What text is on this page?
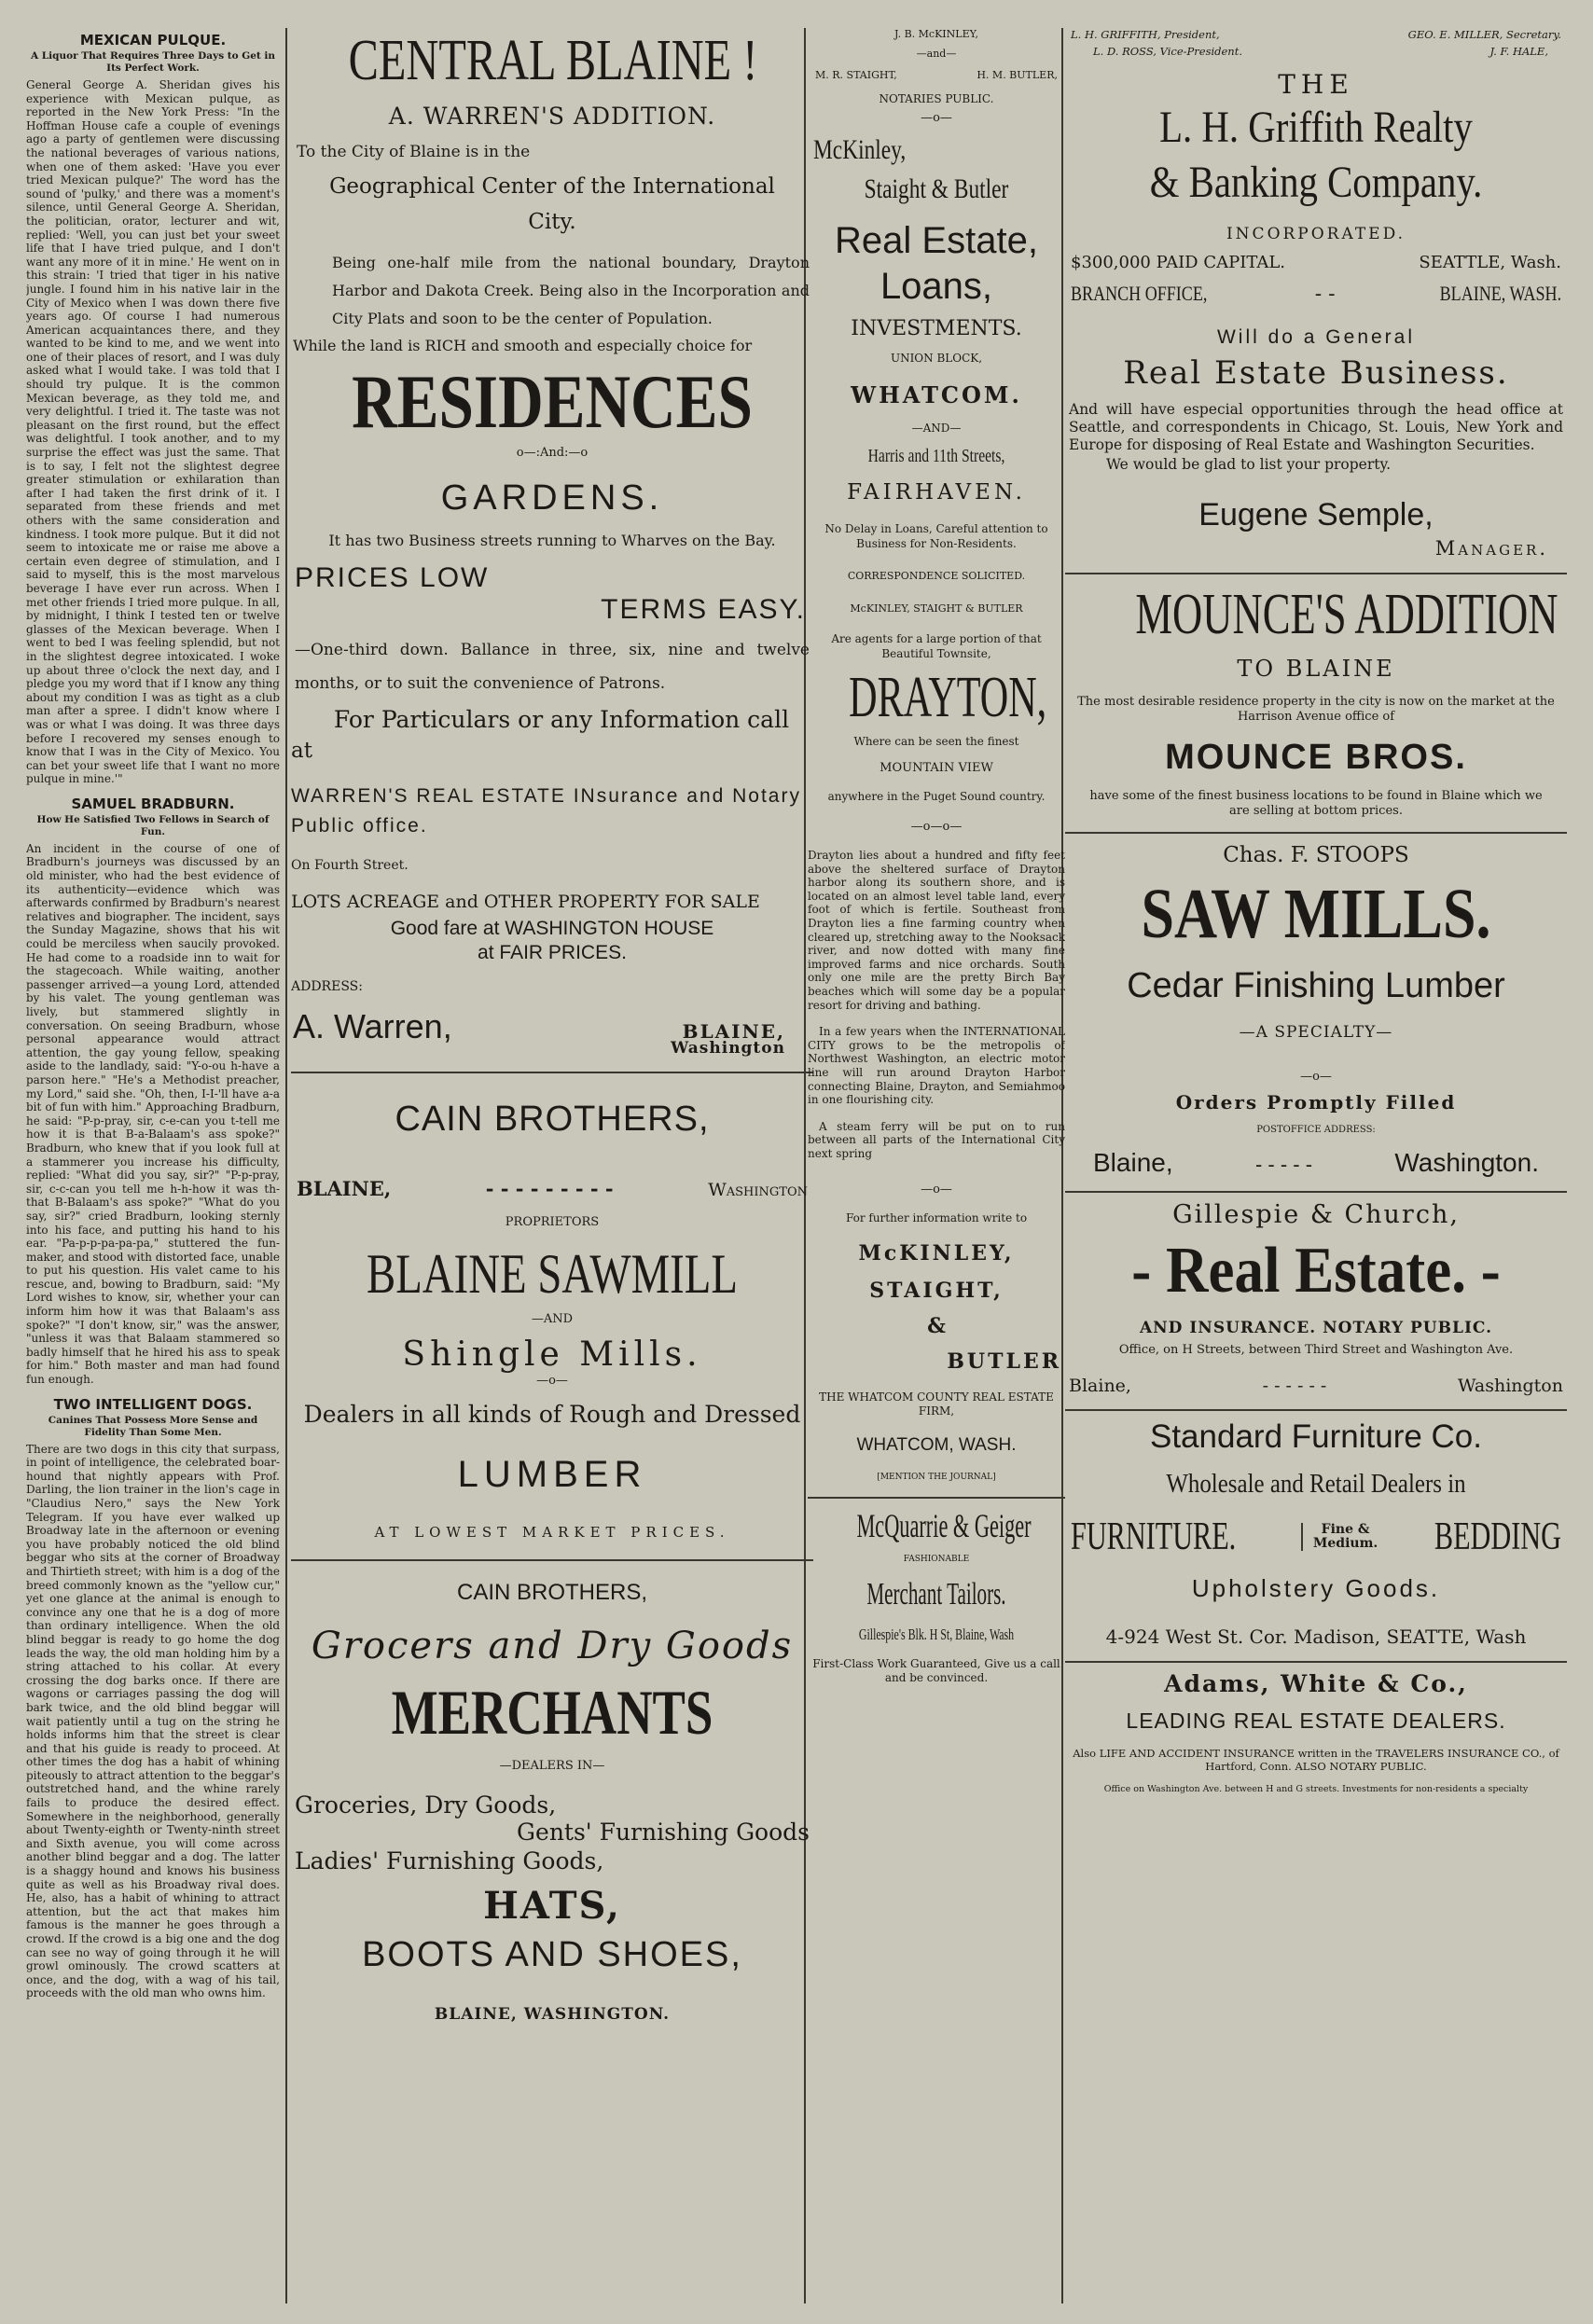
MEXICAN PULQUE.
A Liquor That Requires Three Days to Get in Its Perfect Work.

General George A. Sheridan gives his experience with Mexican pulque, as reported in the New York Press: "In the Hoffman House cafe a couple of evenings ago a party of gentlemen were discussing the national beverages of various nations, when one of them asked: 'Have you ever tried Mexican pulque?' The word has the sound of 'pulky,' and there was a moment's silence, until General George A. Sheridan, the politician, orator, lecturer and wit, replied: 'Well, you can just bet your sweet life that I have tried pulque, and I don't want any more of it in mine.' He went on in this strain: 'I tried that tiger in his native jungle. I found him in his native lair in the City of Mexico when I was down there five years ago. Of course I had numerous American acquaintances there, and they wanted to be kind to me, and we went into one of their places of resort, and I was duly asked what I would take. I was told that I should try pulque. It is the common Mexican beverage, as they told me, and very delightful. I tried it. The taste was not pleasant on the first round, but the effect was delightful. I took another, and to my surprise the effect was just the same. That is to say, I felt not the slightest degree greater stimulation or exhilaration than after I had taken the first drink of it. I separated from these friends and met others with the same consideration and kindness. I took more pulque. But it did not seem to intoxicate me or raise me above a certain even degree of stimulation, and I said to myself, this is the most marvelous beverage I have ever run across. When I met other friends I tried more pulque. In all, by midnight, I think I tested ten or twelve glasses of the Mexican beverage. When I went to bed I was feeling splendid, but not in the slightest degree intoxicated. I woke up about three o'clock the next day, and I pledge you my word that if I know any thing about my condition I was as tight as a club man after a spree. I didn't know where I was or what I was doing. It was three days before I recovered my senses enough to know that I was in the City of Mexico. You can bet your sweet life that I want no more pulque in mine.'"

SAMUEL BRADBURN.
How He Satisfied Two Fellows in Search of Fun.

An incident in the course of one of Bradburn's journeys was discussed by an old minister, who had the best evidence of its authenticity—evidence which was afterwards confirmed by Bradburn's nearest relatives and biographer. The incident, says the Sunday Magazine, shows that his wit could be merciless when saucily provoked. He had come to a roadside inn to wait for the stagecoach. While waiting, another passenger arrived—a young Lord, attended by his valet. The young gentleman was lively, but stammered slightly in conversation. On seeing Bradburn, whose personal appearance would attract attention, the gay young fellow, speaking aside to the landlady, said: "Y-o-ou h-have a parson here." "He's a Methodist preacher, my Lord," said she. "Oh, then, I-I-'ll have a-a bit of fun with him." Approaching Bradburn, he said: "P-p-pray, sir, c-e-can you t-tell me how it is that B-a-Balaam's ass spoke?" Bradburn, who knew that if you look full at a stammerer you increase his difficulty, replied: "What did you say, sir?" "P-p-pray, sir, c-c-can you tell me h-h-how it was th-that B-Balaam's ass spoke?" "What do you say, sir?" cried Bradburn, looking sternly into his face, and putting his hand to his ear. "Pa-p-p-pa-pa-pa," stuttered the fun-maker, and stood with distorted face, unable to put his question. His valet came to his rescue, and, bowing to Bradburn, said: "My Lord wishes to know, sir, whether your can inform him how it was that Balaam's ass spoke?" "I don't know, sir," was the answer, "unless it was that Balaam stammered so badly himself that he hired his ass to speak for him." Both master and man had found fun enough.

TWO INTELLIGENT DOGS.
Canines That Possess More Sense and Fidelity Than Some Men.

There are two dogs in this city that surpass, in point of intelligence, the celebrated boar-hound that nightly appears with Prof. Darling, the lion trainer in the lion's cage in "Claudius Nero," says the New York Telegram. If you have ever walked up Broadway late in the afternoon or evening you have probably noticed the old blind beggar who sits at the corner of Broadway and Thirtieth street; with him is a dog of the breed commonly known as the "yellow cur," yet one glance at the animal is enough to convince any one that he is a dog of more than ordinary intelligence. When the old blind beggar is ready to go home the dog leads the way, the old man holding him by a string attached to his collar. At every crossing the dog barks once. If there are wagons or carriages passing the dog will bark twice, and the old blind beggar will wait patiently until a tug on the string he holds informs him that the street is clear and that his guide is ready to proceed. At other times the dog has a habit of whining piteously to attract attention to the beggar's outstretched hand, and the whine rarely fails to produce the desired effect. Somewhere in the neighborhood, generally about Twenty-eighth or Twenty-ninth street and Sixth avenue, you will come across another blind beggar and a dog. The latter is a shaggy hound and knows his business quite as well as his Broadway rival does. He, also, has a habit of whining to attract attention, but the act that makes him famous is the manner he goes through a crowd. If the crowd is a big one and the dog can see no way of going through it he will growl ominously. The crowd scatters at once, and the dog, with a wag of his tail, proceeds with the old man who owns him.

CENTRAL BLAINE !
A. WARREN'S ADDITION.
To the City of Blaine is in the
Geographical Center of the International City.

Being one-half mile from the national boundary, Drayton Harbor and Dakota Creek. Being also in the Incorporation and City Plats and soon to be the center of Population.

While the land is RICH and smooth and especially choice for
RESIDENCES
o—:And:—o
GARDENS.
It has two Business streets running to Wharves on the Bay.
PRICES LOW
TERMS EASY.

—One-third down. Ballance in three, six, nine and twelve months, or to suit the convenience of Patrons.

For Particulars or any Information call
at

WARREN'S REAL ESTATE INsurance and Notary Public office.

On Fourth Street.
LOTS ACREAGE and OTHER PROPERTY FOR SALE
Good fare at WASHINGTON HOUSE
at FAIR PRICES.
ADDRESS:
A. Warren,	BLAINE,
Washington
CAIN BROTHERS,
BLAINE,	- - - - - - - - -	Washington
PROPRIETORS
BLAINE SAWMILL
—AND
Shingle Mills.
—o—
Dealers in all kinds of Rough and Dressed
LUMBER
AT LOWEST MARKET PRICES.
CAIN BROTHERS,
Grocers and Dry Goods
MERCHANTS
—DEALERS IN—
Groceries, Dry Goods,
Gents' Furnishing Goods
Ladies' Furnishing Goods,
HATS,
BOOTS AND SHOES,
BLAINE, WASHINGTON.
J. B. McKINLEY,
—and—
M. R. STAIGHT,	H. M. BUTLER,
NOTARIES PUBLIC.
—o—
McKinley,
Staight & Butler
Real Estate,
Loans,
INVESTMENTS.
UNION BLOCK,
WHATCOM.
—AND—
Harris and 11th Streets,
FAIRHAVEN.

No Delay in Loans, Careful attention to Business for Non-Residents.

CORRESPONDENCE SOLICITED.
McKINLEY, STAIGHT & BUTLER

Are agents for a large portion of that Beautiful Townsite,

DRAYTON,
Where can be seen the finest
MOUNTAIN VIEW
anywhere in the Puget Sound country.
—o—o—

Drayton lies about a hundred and fifty feet above the sheltered surface of Drayton harbor along its southern shore, and is located on an almost level table land, every foot of which is fertile. Southeast from Drayton lies a fine farming country when cleared up, stretching away to the Nooksack river, and now dotted with many fine improved farms and nice orchards. South only one mile are the pretty Birch Bay beaches which will some day be a popular resort for driving and bathing.

In a few years when the INTERNATIONAL CITY grows to be the metropolis of Northwest Washington, an electric motor line will run around Drayton Harbor connecting Blaine, Drayton, and Semiahmoo in one flourishing city.

A steam ferry will be put on to run between all parts of the International City next spring

—o—
For further information write to
McKINLEY,
STAIGHT,
&
BUTLER

THE WHATCOM COUNTY REAL ESTATE FIRM,

WHATCOM, WASH.
[MENTION THE JOURNAL]
McQuarrie & Geiger
FASHIONABLE
Merchant Tailors.
Gillespie's Blk. H St, Blaine, Wash

First-Class Work Guaranteed, Give us a call and be convinced.

L. H. GRIFFITH, President,	GEO. E. MILLER, Secretary.
L. D. ROSS, Vice-President.	J. F. HALE,
THE
L. H. Griffith Realty
& Banking Company.
INCORPORATED.
$300,000 PAID CAPITAL.	SEATTLE, Wash.
BRANCH OFFICE,	- -	BLAINE, WASH.
Will do a General
Real Estate Business.

And will have especial opportunities through the head office at Seattle, and correspondents in Chicago, St. Louis, New York and Europe for disposing of Real Estate and Washington Securities.

We would be glad to list your property.
Eugene Semple,
Manager.
MOUNCE'S ADDITION
TO BLAINE

The most desirable residence property in the city is now on the market at the Harrison Avenue office of

MOUNCE BROS.

have some of the finest business locations to be found in Blaine which we are selling at bottom prices.

Chas. F. STOOPS
SAW MILLS.
Cedar Finishing Lumber
—A SPECIALTY—
—o—
Orders Promptly Filled
POSTOFFICE ADDRESS:
Blaine,	- - - - -	Washington.
Gillespie & Church,
- Real Estate. -
AND INSURANCE. NOTARY PUBLIC.
Office, on H Streets, between Third Street and Washington Ave.
Blaine,	- - - - - -	Washington
Standard Furniture Co.
Wholesale and Retail Dealers in
FURNITURE.	Fine & Medium. BEDDING
Upholstery Goods.
4-924 West St. Cor. Madison, SEATTE, Wash
Adams, White & Co.,
LEADING REAL ESTATE DEALERS.

Also LIFE AND ACCIDENT INSURANCE written in the TRAVELERS INSURANCE CO., of Hartford, Conn. ALSO NOTARY PUBLIC.

Office on Washington Ave. between H and G streets. Investments for non-residents a specialty
